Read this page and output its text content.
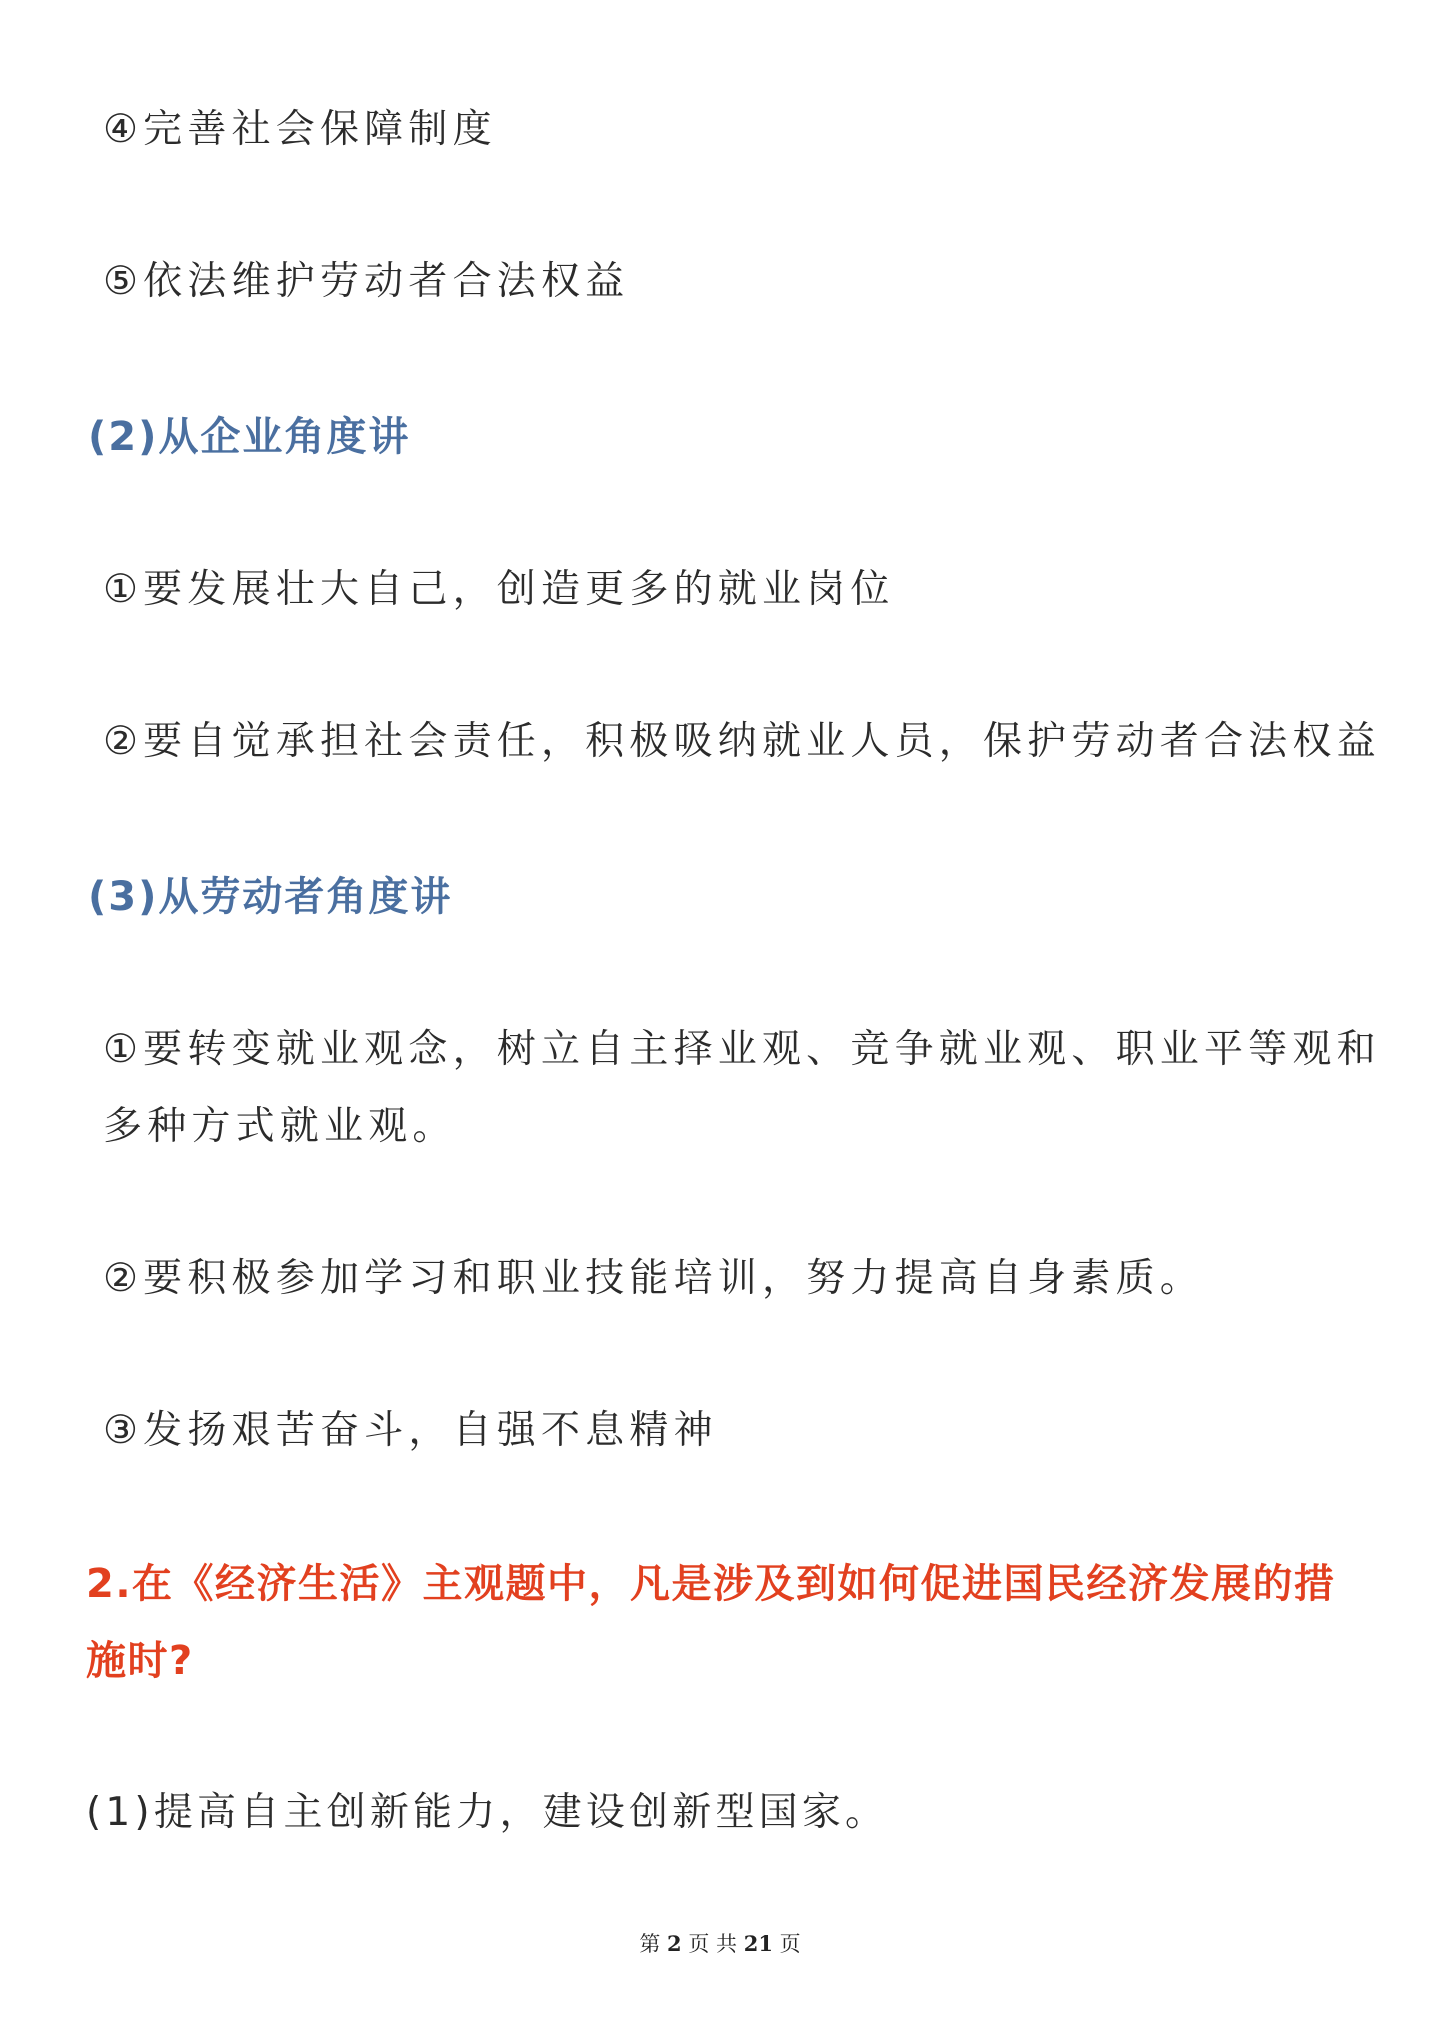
④完善社会保障制度
⑤依法维护劳动者合法权益
(2)从企业角度讲
①要发展壮大自己，创造更多的就业岗位
②要自觉承担社会责任，积极吸纳就业人员，保护劳动者合法权益
(3)从劳动者角度讲
①要转变就业观念，树立自主择业观、竞争就业观、职业平等观和
多种方式就业观。
②要积极参加学习和职业技能培训，努力提高自身素质。
③发扬艰苦奋斗，自强不息精神
2.在《经济生活》主观题中，凡是涉及到如何促进国民经济发展的措
施时?
(1)提高自主创新能力，建设创新型国家。
第 2 页 共 21 页
